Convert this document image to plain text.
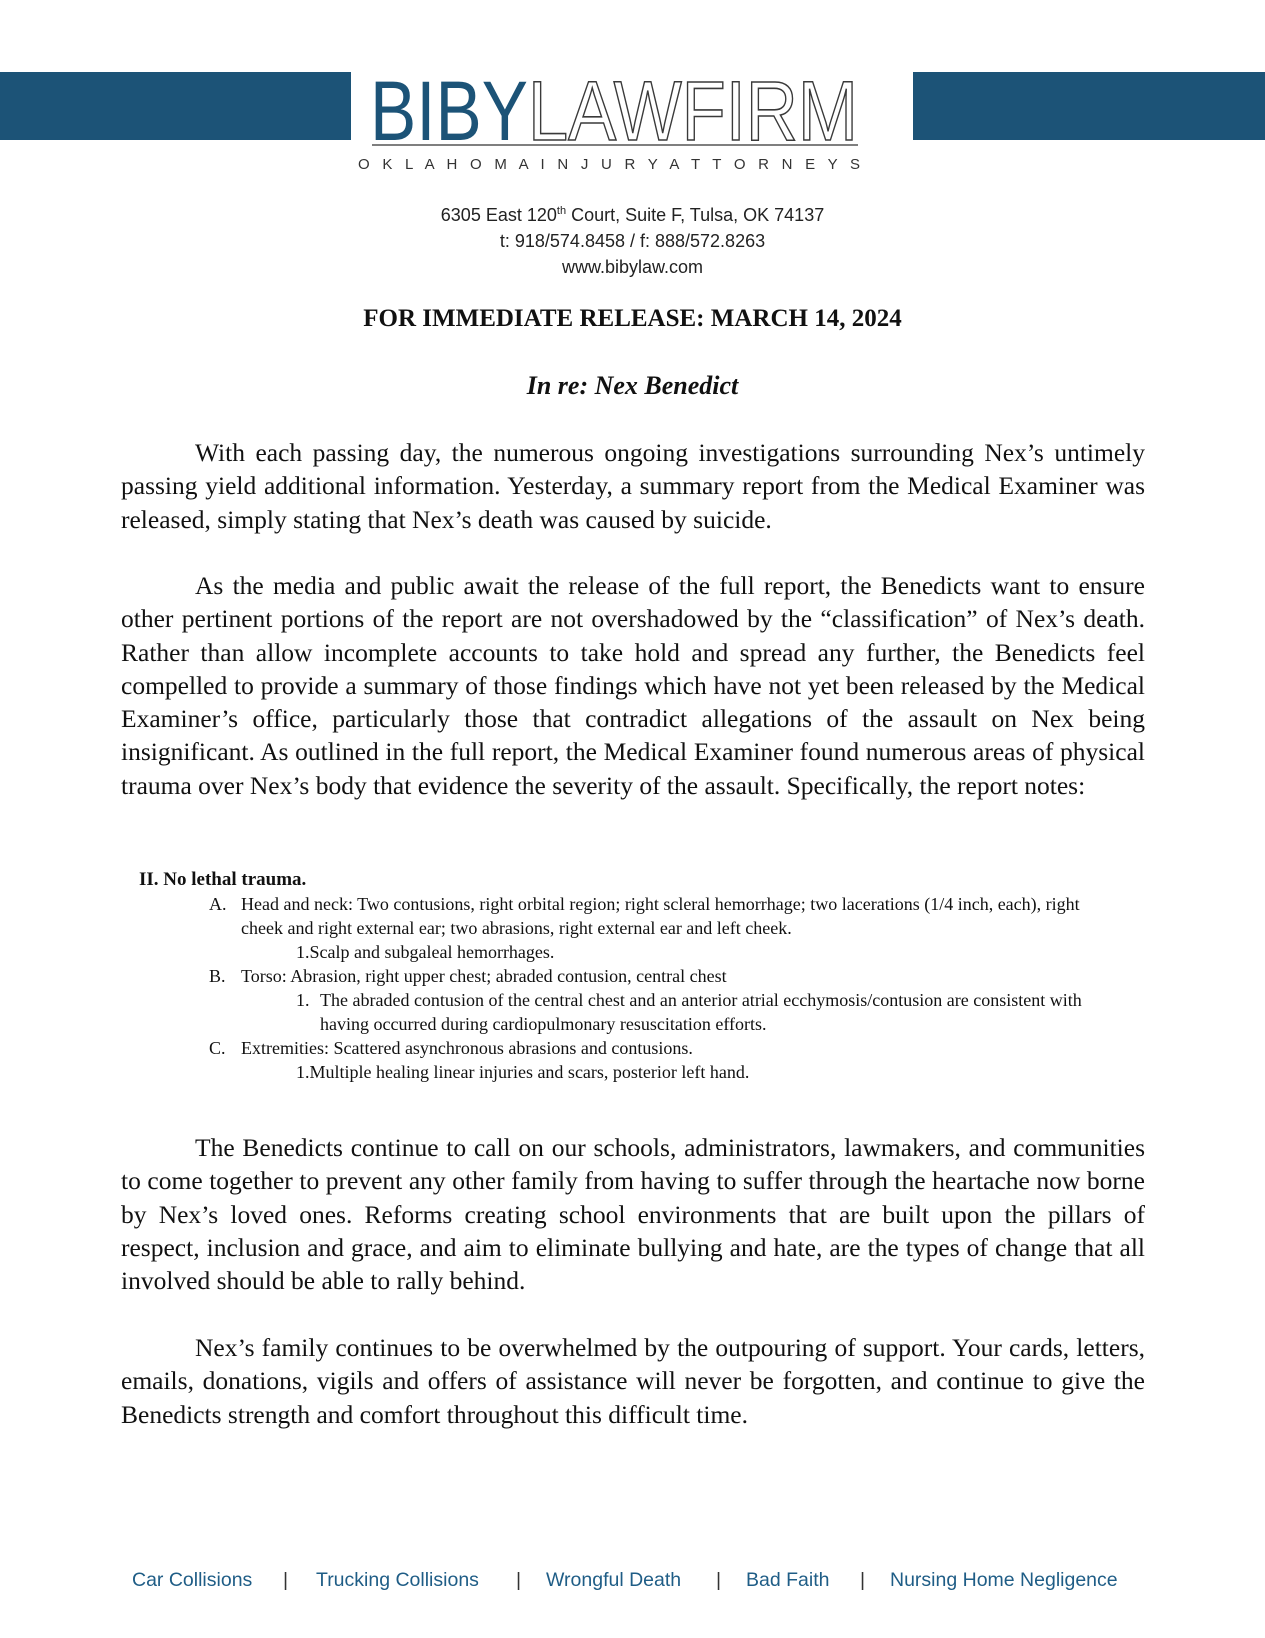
BIBY LAWFIRM
O K L A H O M A I N J U R Y A T T O R N E Y S
6305 East 120th Court, Suite F, Tulsa, OK 74137
t: 918/574.8458 / f: 888/572.8263
www.bibylaw.com
FOR IMMEDIATE RELEASE: MARCH 14, 2024
In re: Nex Benedict

With each passing day, the numerous ongoing investigations surrounding Nex’s untimely passing yield additional information. Yesterday, a summary report from the Medical Examiner was released, simply stating that Nex’s death was caused by suicide.

As the media and public await the release of the full report, the Benedicts want to ensure other pertinent portions of the report are not overshadowed by the “classification” of Nex’s death. Rather than allow incomplete accounts to take hold and spread any further, the Benedicts feel compelled to provide a summary of those findings which have not yet been released by the Medical Examiner’s office, particularly those that contradict allegations of the assault on Nex being insignificant. As outlined in the full report, the Medical Examiner found numerous areas of physical trauma over Nex’s body that evidence the severity of the assault. Specifically, the report notes:

II. No lethal trauma.
A. Head and neck: Two contusions, right orbital region; right scleral hemorrhage; two lacerations (1/4 inch, each), right cheek and right external ear; two abrasions, right external ear and left cheek.
1.Scalp and subgaleal hemorrhages.
B. Torso: Abrasion, right upper chest; abraded contusion, central chest
1. The abraded contusion of the central chest and an anterior atrial ecchymosis/contusion are consistent with having occurred during cardiopulmonary resuscitation efforts.
C. Extremities: Scattered asynchronous abrasions and contusions.
1.Multiple healing linear injuries and scars, posterior left hand.

The Benedicts continue to call on our schools, administrators, lawmakers, and communities to come together to prevent any other family from having to suffer through the heartache now borne by Nex’s loved ones. Reforms creating school environments that are built upon the pillars of respect, inclusion and grace, and aim to eliminate bullying and hate, are the types of change that all involved should be able to rally behind.

Nex’s family continues to be overwhelmed by the outpouring of support. Your cards, letters, emails, donations, vigils and offers of assistance will never be forgotten, and continue to give the Benedicts strength and comfort throughout this difficult time.

Car Collisions | Trucking Collisions | Wrongful Death | Bad Faith | Nursing Home Negligence
